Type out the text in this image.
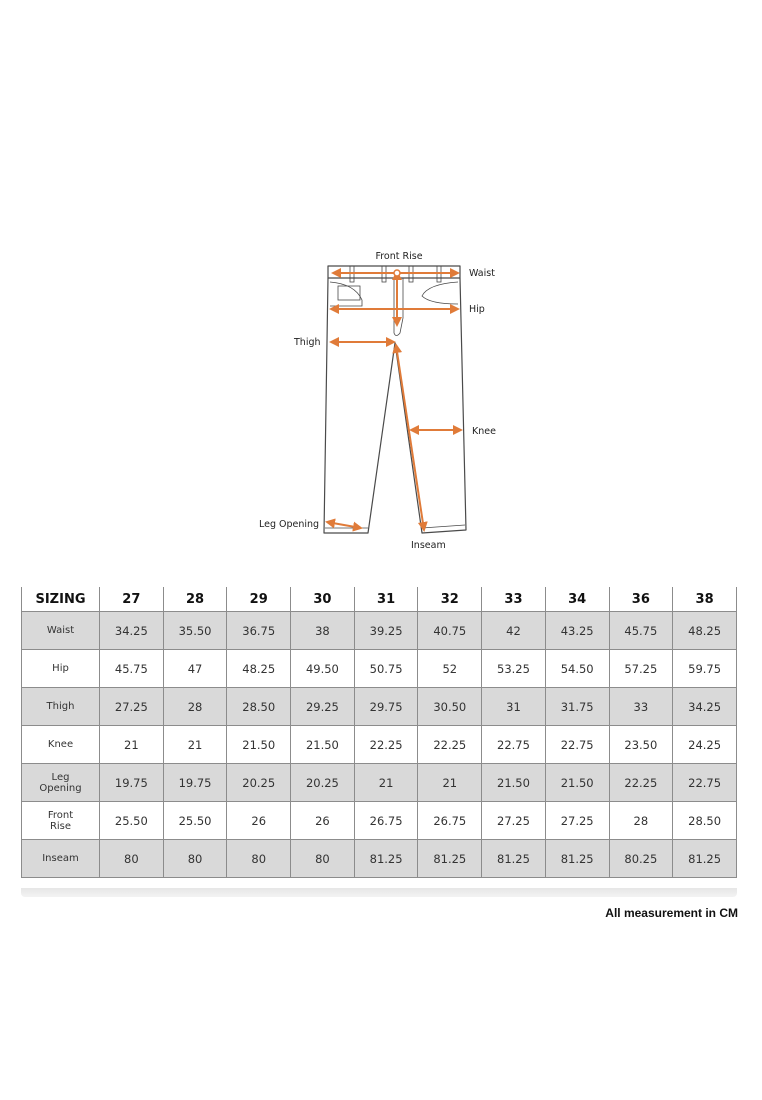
Front Rise
Waist
Hip
Thigh
Knee
Leg Opening
Inseam
SIZING	27	28	29	30	31	32	33	34	36	38

Waist	34.25	35.50	36.75	38	39.25	40.75	42	43.25	45.75	48.25

Hip	45.75	47	48.25	49.50	50.75	52	53.25	54.50	57.25	59.75

Thigh	27.25	28	28.50	29.25	29.75	30.50	31	31.75	33	34.25

Knee	21	21	21.50	21.50	22.25	22.25	22.75	22.75	23.50	24.25

Leg
Opening	19.75	19.75	20.25	20.25	21	21	21.50	21.50	22.25	22.75

Front
Rise	25.50	25.50	26	26	26.75	26.75	27.25	27.25	28	28.50

Inseam	80	80	80	80	81.25	81.25	81.25	81.25	80.25	81.25
All measurement in CM
